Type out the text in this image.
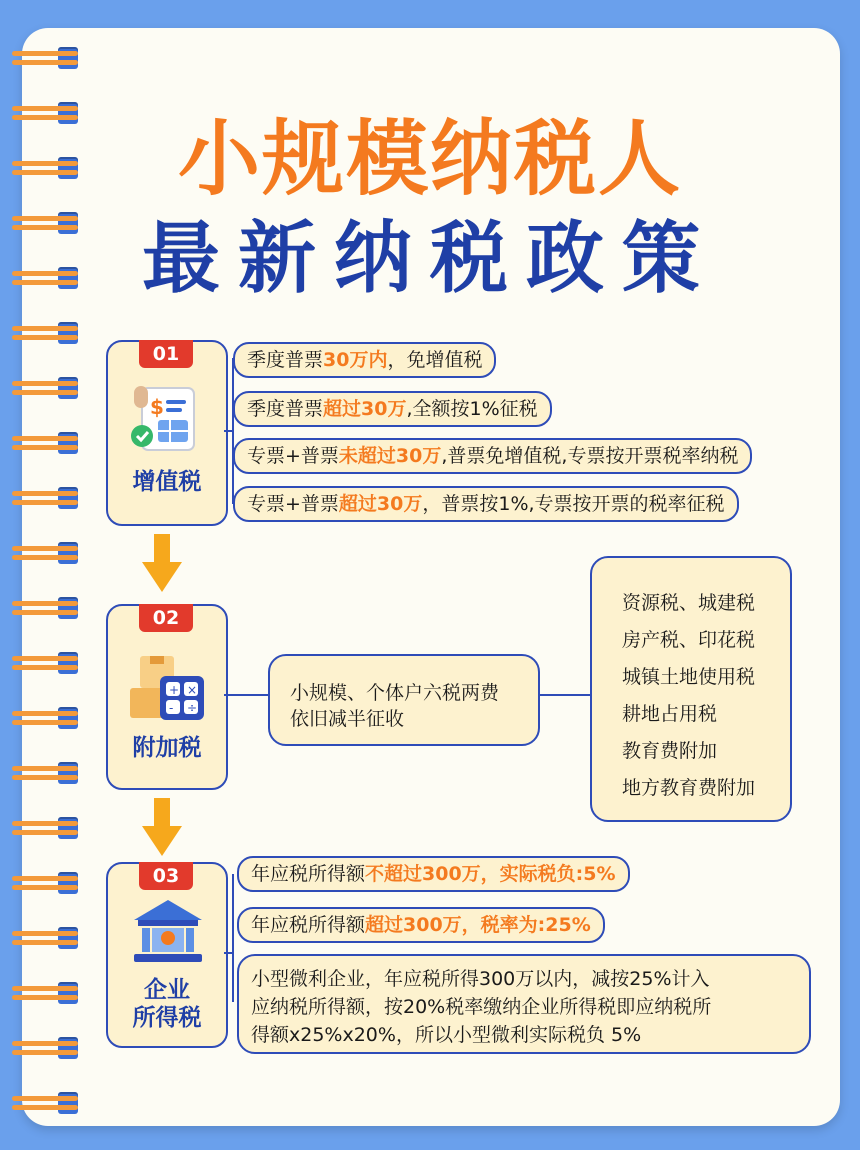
小规模纳税人
最新纳税政策
01
$
增值税
季度普票30万内，免增值税
季度普票超过30万,全额按1%征税
专票+普票未超过30万,普票免增值税,专票按开票税率纳税
专票+普票超过30万，普票按1%,专票按开票的税率征税
02
+ ×
- ÷
附加税
小规模、个体户六税两费
依旧减半征收
资源税、城建税
房产税、印花税
城镇土地使用税
耕地占用税
教育费附加
地方教育费附加
03
企业
所得税
年应税所得额不超过300万，实际税负:5%
年应税所得额超过300万，税率为:25%
小型微利企业，年应税所得300万以内，减按25%计入
应纳税所得额，按20%税率缴纳企业所得税即应纳税所
得额x25%x20%，所以小型微利实际税负 5%
